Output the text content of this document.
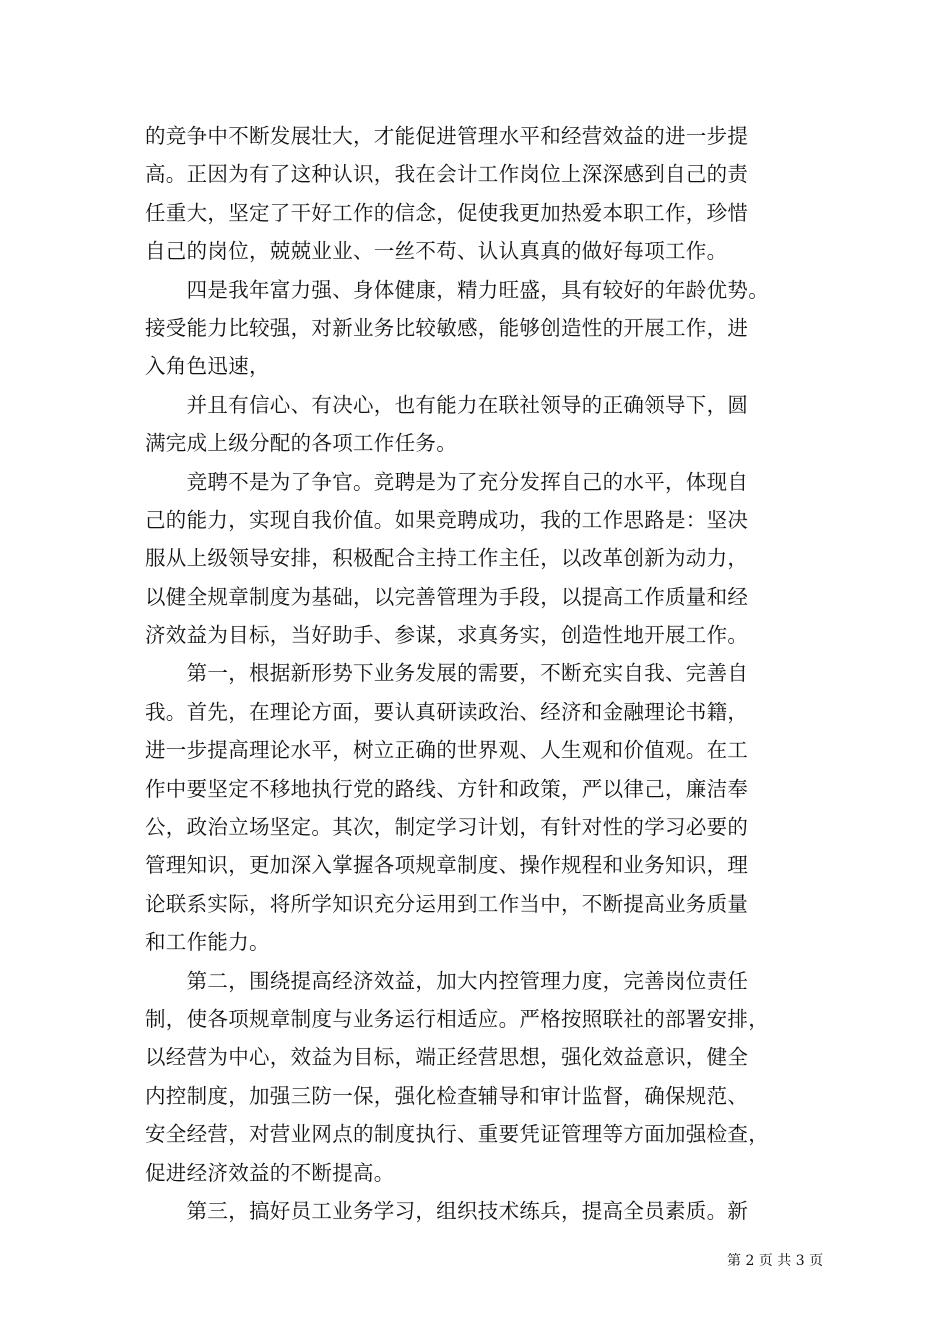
的竞争中不断发展壮大，才能促进管理水平和经营效益的进一步提
高。正因为有了这种认识，我在会计工作岗位上深深感到自己的责
任重大，坚定了干好工作的信念，促使我更加热爱本职工作，珍惜
自己的岗位，兢兢业业、一丝不苟、认认真真的做好每项工作。
　　四是我年富力强、身体健康，精力旺盛，具有较好的年龄优势。
接受能力比较强，对新业务比较敏感，能够创造性的开展工作，进
入角色迅速，
　　并且有信心、有决心，也有能力在联社领导的正确领导下，圆
满完成上级分配的各项工作任务。
　　竞聘不是为了争官。竞聘是为了充分发挥自己的水平，体现自
己的能力，实现自我价值。如果竞聘成功，我的工作思路是：坚决
服从上级领导安排，积极配合主持工作主任，以改革创新为动力，
以健全规章制度为基础，以完善管理为手段，以提高工作质量和经
济效益为目标，当好助手、参谋，求真务实，创造性地开展工作。
　　第一，根据新形势下业务发展的需要，不断充实自我、完善自
我。首先，在理论方面，要认真研读政治、经济和金融理论书籍，
进一步提高理论水平，树立正确的世界观、人生观和价值观。在工
作中要坚定不移地执行党的路线、方针和政策，严以律己，廉洁奉
公，政治立场坚定。其次，制定学习计划，有针对性的学习必要的
管理知识，更加深入掌握各项规章制度、操作规程和业务知识，理
论联系实际，将所学知识充分运用到工作当中，不断提高业务质量
和工作能力。
　　第二，围绕提高经济效益，加大内控管理力度，完善岗位责任
制，使各项规章制度与业务运行相适应。严格按照联社的部署安排，
以经营为中心，效益为目标，端正经营思想，强化效益意识，健全
内控制度，加强三防一保，强化检查辅导和审计监督，确保规范、
安全经营，对营业网点的制度执行、重要凭证管理等方面加强检查，
促进经济效益的不断提高。
　　第三，搞好员工业务学习，组织技术练兵，提高全员素质。新
第 2 页 共 3 页
